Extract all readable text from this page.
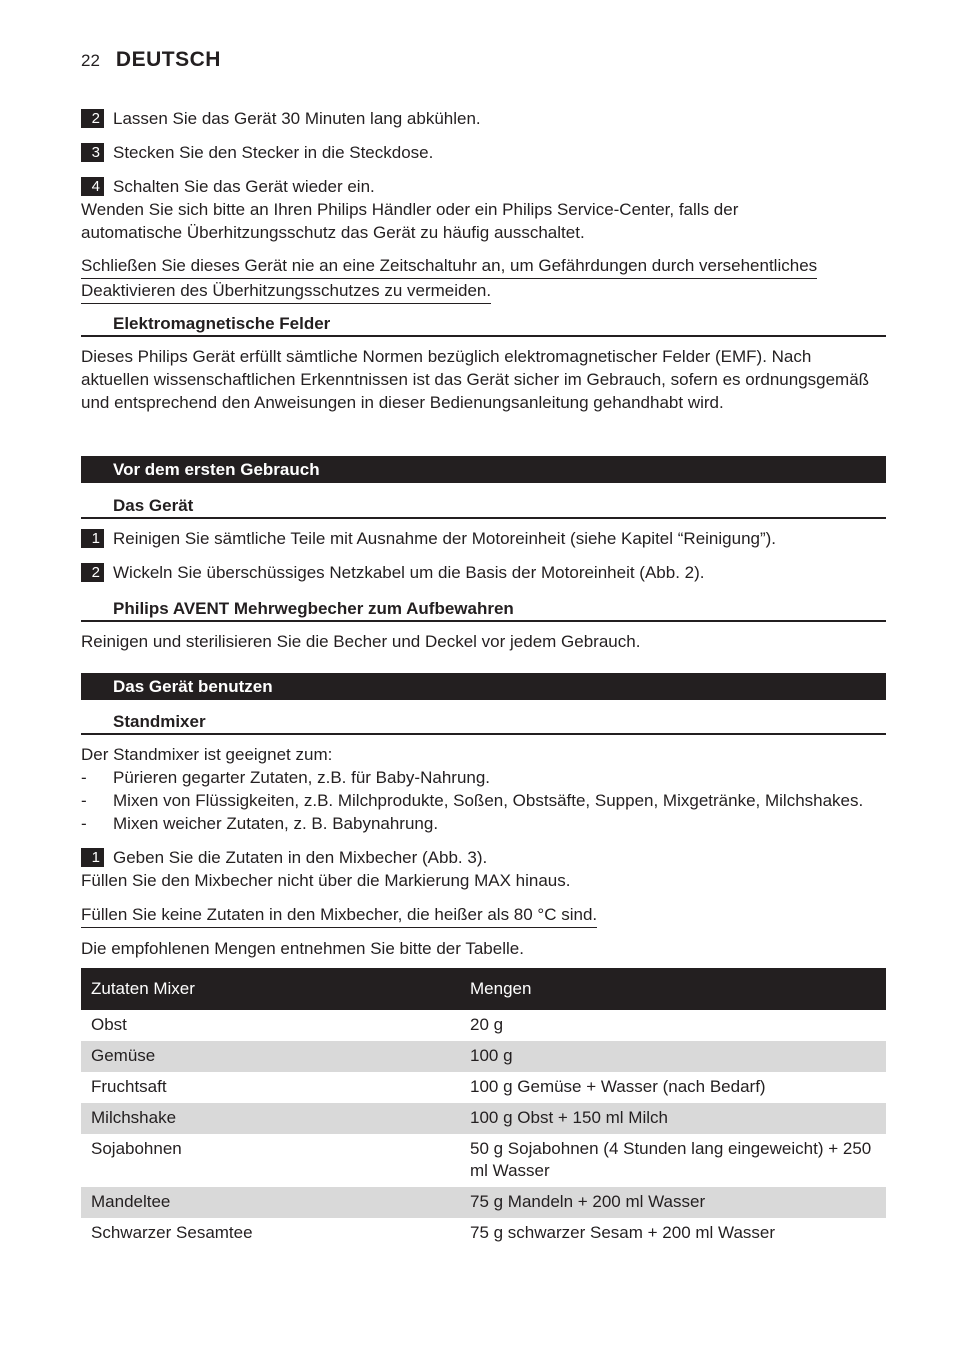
22 DEUTSCH
2 Lassen Sie das Gerät 30 Minuten lang abkühlen.
3 Stecken Sie den Stecker in die Steckdose.
4 Schalten Sie das Gerät wieder ein.
Wenden Sie sich bitte an Ihren Philips Händler oder ein Philips Service-Center, falls der automatische Überhitzungsschutz das Gerät zu häufig ausschaltet.
Schließen Sie dieses Gerät nie an eine Zeitschaltuhr an, um Gefährdungen durch versehentliches
Deaktivieren des Überhitzungsschutzes zu vermeiden.
Elektromagnetische Felder
Dieses Philips Gerät erfüllt sämtliche Normen bezüglich elektromagnetischer Felder (EMF). Nach aktuellen wissenschaftlichen Erkenntnissen ist das Gerät sicher im Gebrauch, sofern es ordnungsgemäß und entsprechend den Anweisungen in dieser Bedienungsanleitung gehandhabt wird.
Vor dem ersten Gebrauch
Das Gerät
1 Reinigen Sie sämtliche Teile mit Ausnahme der Motoreinheit (siehe Kapitel “Reinigung”).
2 Wickeln Sie überschüssiges Netzkabel um die Basis der Motoreinheit (Abb. 2).
Philips AVENT Mehrwegbecher zum Aufbewahren
Reinigen und sterilisieren Sie die Becher und Deckel vor jedem Gebrauch.
Das Gerät benutzen
Standmixer
Der Standmixer ist geeignet zum:
-	Pürieren gegarter Zutaten, z.B. für Baby-Nahrung.
-	Mixen von Flüssigkeiten, z.B. Milchprodukte, Soßen, Obstsäfte, Suppen, Mixgetränke, Milchshakes.
-	Mixen weicher Zutaten, z. B. Babynahrung.
1 Geben Sie die Zutaten in den Mixbecher (Abb. 3).
Füllen Sie den Mixbecher nicht über die Markierung MAX hinaus.
Füllen Sie keine Zutaten in den Mixbecher, die heißer als 80 °C sind.
Die empfohlenen Mengen entnehmen Sie bitte der Tabelle.
Zutaten Mixer	Mengen
Obst	20 g
Gemüse	100 g
Fruchtsaft	100 g Gemüse + Wasser (nach Bedarf)
Milchshake	100 g Obst + 150 ml Milch
Sojabohnen	50 g Sojabohnen (4 Stunden lang eingeweicht) + 250 ml Wasser
Mandeltee	75 g Mandeln + 200 ml Wasser
Schwarzer Sesamtee	75 g schwarzer Sesam + 200 ml Wasser
